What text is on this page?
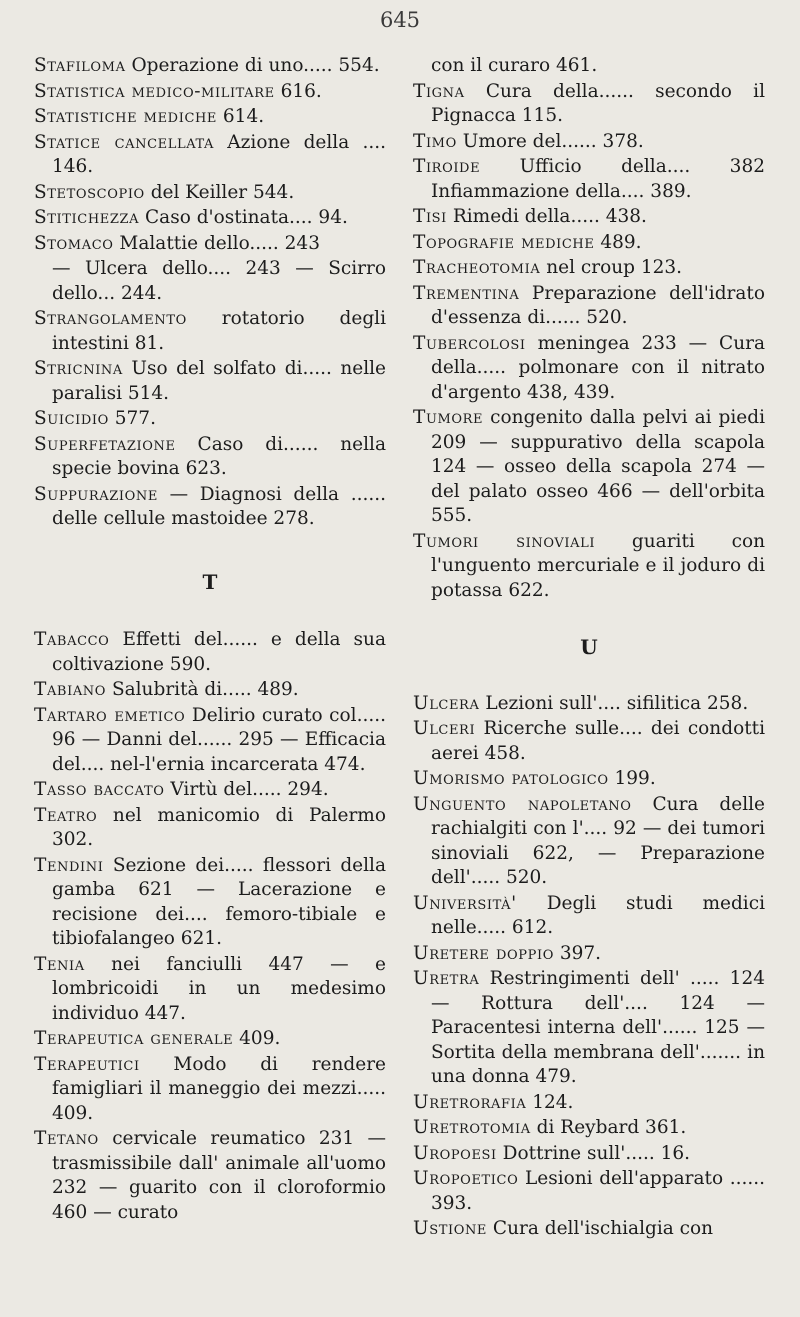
645
Stafiloma Operazione di uno..... 554.
Statistica medico-militare 616.
Statistiche mediche 614.
Statice cancellata Azione della .... 146.
Stetoscopio del Keiller 544.
Stitichezza Caso d'ostinata.... 94.
Stomaco Malattie dello..... 243
— Ulcera dello.... 243 — Scirro dello... 244.
Strangolamento rotatorio degli intestini 81.
Stricnina Uso del solfato di..... nelle paralisi 514.
Suicidio 577.
Superfetazione Caso di...... nella specie bovina 623.
Suppurazione — Diagnosi della ...... delle cellule mastoidee 278.
T
Tabacco Effetti del...... e della sua coltivazione 590.
Tabiano Salubrità di..... 489.
Tartaro emetico Delirio curato col..... 96 — Danni del...... 295 — Efficacia del.... nel-l'ernia incarcerata 474.
Tasso baccato Virtù del..... 294.
Teatro nel manicomio di Palermo 302.
Tendini Sezione dei..... flessori della gamba 621 — Lacerazione e recisione dei.... femoro-tibiale e tibiofalangeo 621.
Tenia nei fanciulli 447 — e lombricoidi in un medesimo individuo 447.
Terapeutica generale 409.
Terapeutici Modo di rendere famigliari il maneggio dei mezzi..... 409.
Tetano cervicale reumatico 231 — trasmissibile dall' animale all'uomo 232 — guarito con il cloroformio 460 — curato
con il curaro 461.
Tigna Cura della...... secondo il Pignacca 115.
Timo Umore del...... 378.
Tiroide Ufficio della.... 382 Infiammazione della.... 389.
Tisi Rimedi della..... 438.
Topografie mediche 489.
Tracheotomia nel croup 123.
Trementina Preparazione dell'idrato d'essenza di...... 520.
Tubercolosi meningea 233 — Cura della..... polmonare con il nitrato d'argento 438, 439.
Tumore congenito dalla pelvi ai piedi 209 — suppurativo della scapola 124 — osseo della scapola 274 — del palato osseo 466 — dell'orbita 555.
Tumori sinoviali guariti con l'unguento mercuriale e il joduro di potassa 622.
U
Ulcera Lezioni sull'.... sifilitica 258.
Ulceri Ricerche sulle.... dei condotti aerei 458.
Umorismo patologico 199.
Unguento napoletano Cura delle rachialgiti con l'.... 92 — dei tumori sinoviali 622, — Preparazione dell'..... 520.
Università' Degli studi medici nelle..... 612.
Uretere doppio 397.
Uretra Restringimenti dell' ..... 124 — Rottura dell'.... 124 — Paracentesi interna dell'...... 125 — Sortita della membrana dell'....... in una donna 479.
Uretrorafia 124.
Uretrotomia di Reybard 361.
Uropoesi Dottrine sull'..... 16.
Uropoetico Lesioni dell'apparato ...... 393.
Ustione Cura dell'ischialgia con
